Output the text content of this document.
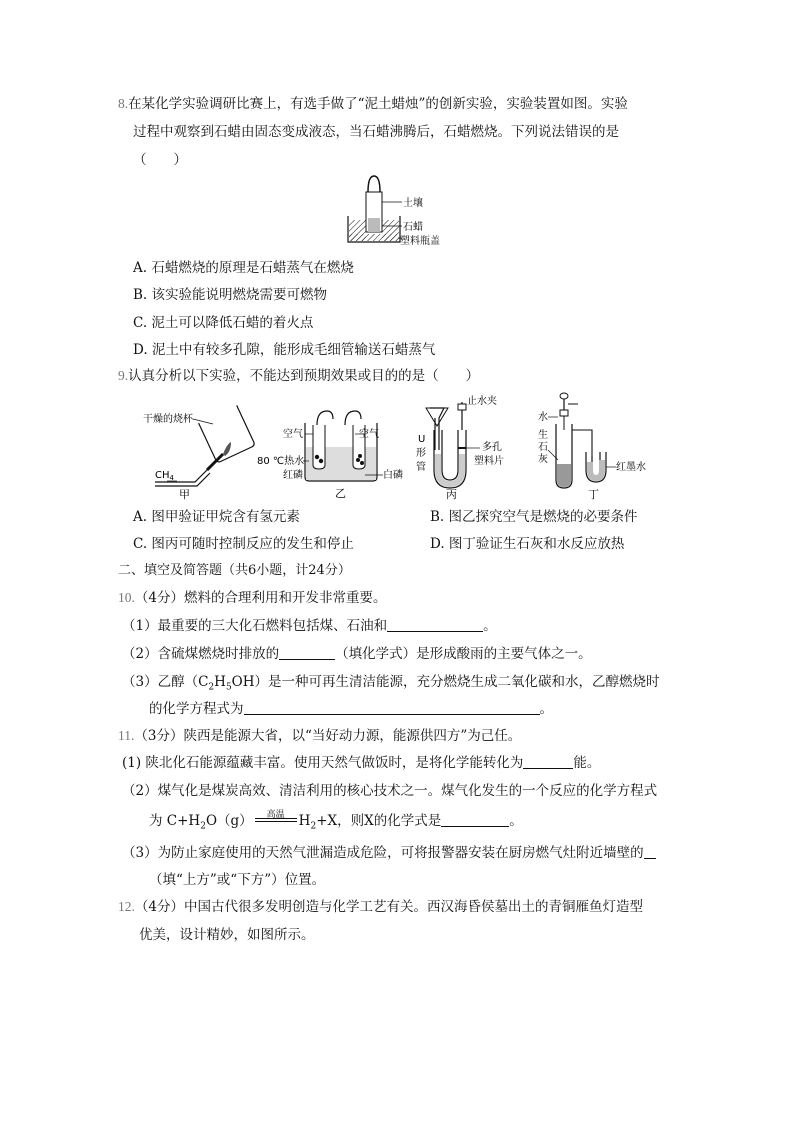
8.在某化学实验调研比赛上，有选手做了“泥土蜡烛”的创新实验，实验装置如图。实验
过程中观察到石蜡由固态变成液态，当石蜡沸腾后，石蜡燃烧。下列说法错误的是
（　　）
土壤
石蜡
塑料瓶盖
A. 石蜡燃烧的原理是石蜡蒸气在燃烧
B. 该实验能说明燃烧需要可燃物
C. 泥土可以降低石蜡的着火点
D. 泥土中有较多孔隙，能形成毛细管输送石蜡蒸气
9.认真分析以下实验，不能达到预期效果或目的的是（　　）
干燥的烧杯
$CH_4$
甲
空气	空气
80 ℃热水
红磷	白磷
乙
止水夹
U
形
管
多孔
塑料片
丙
水
生
石
灰
红墨水
丁
A. 图甲验证甲烷含有氢元素	B. 图乙探究空气是燃烧的必要条件
C. 图丙可随时控制反应的发生和停止	D. 图丁验证生石灰和水反应放热
二、填空及简答题（共6小题，计24分）
10.（4分）燃料的合理利用和开发非常重要。
（1）最重要的三大化石燃料包括煤、石油和	。
（2）含硫煤燃烧时排放的	（填化学式）是形成酸雨的主要气体之一。
（3）乙醇$(C_2H_5OH)$是一种可再生清洁能源，充分燃烧生成二氧化碳和水，乙醇燃烧时
的化学方程式为	。
11.（3分）陕西是能源大省，以“当好动力源，能源供四方”为己任。
(1) 陕北化石能源蕴藏丰富。使用天然气做饭时，是将化学能转化为	能。
（2）煤气化是煤炭高效、清洁利用的核心技术之一。煤气化发生的一个反应的化学方程式
为 $C+H_2O(g)$	高温	$H_2+X$，则X的化学式是	。
（3）为防止家庭使用的天然气泄漏造成危险，可将报警器安装在厨房燃气灶附近墙壁的
（填“上方”或“下方”）位置。
12.（4分）中国古代很多发明创造与化学工艺有关。西汉海昏侯墓出土的青铜雁鱼灯造型
优美，设计精妙，如图所示。
